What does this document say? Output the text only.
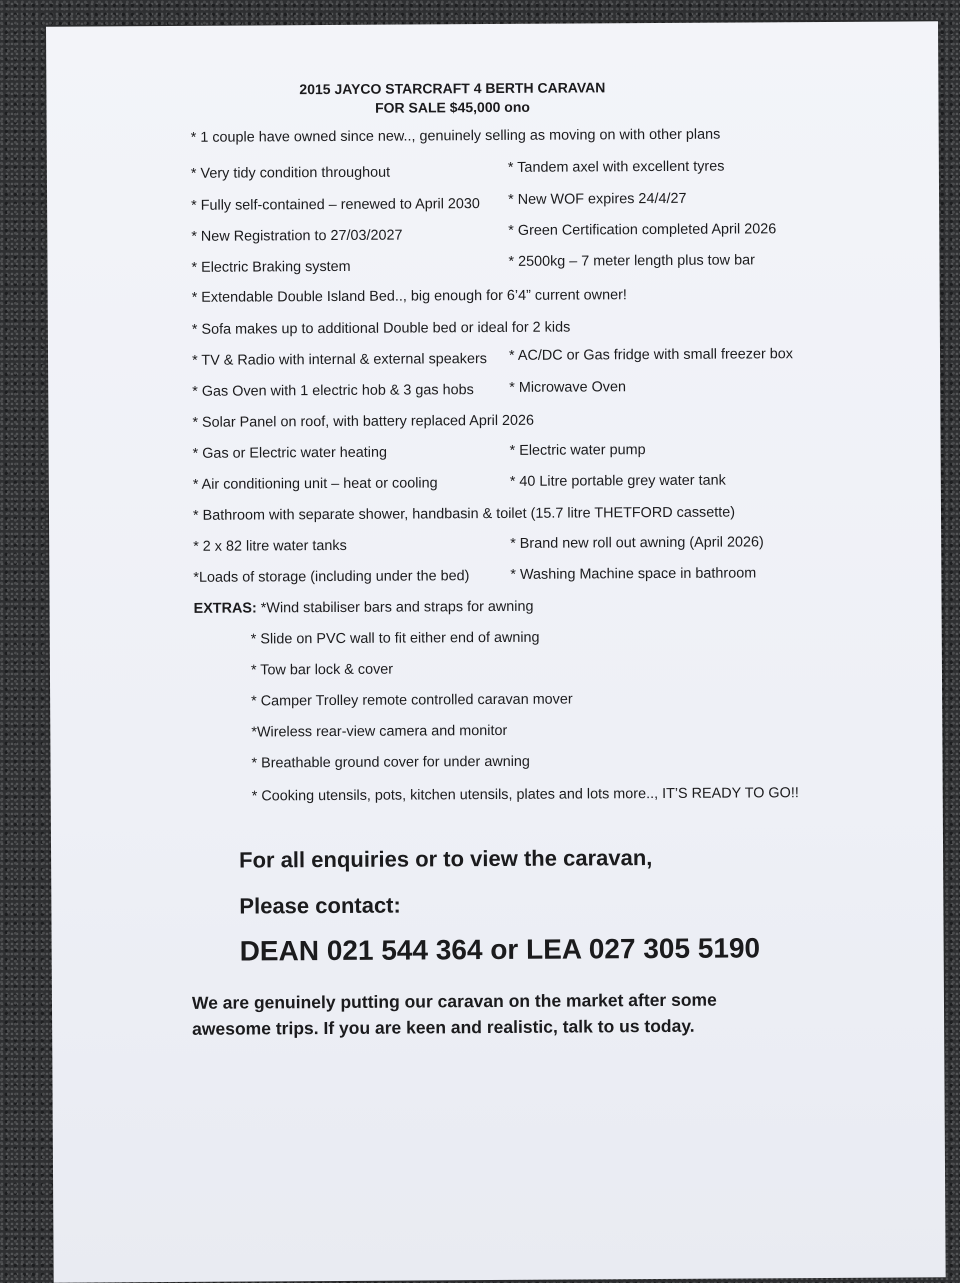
2015 JAYCO STARCRAFT 4 BERTH CARAVAN
FOR SALE $45,000 ono
* 1 couple have owned since new.., genuinely selling as moving on with other plans
* Very tidy condition throughout	* Tandem axel with excellent tyres
* Fully self-contained – renewed to April 2030 * New WOF expires 24/4/27
* New Registration to 27/03/2027	* Green Certification completed April 2026
* Electric Braking system	* 2500kg – 7 meter length plus tow bar
* Extendable Double Island Bed.., big enough for 6’4” current owner!
* Sofa makes up to additional Double bed or ideal for 2 kids
* TV & Radio with internal & external speakers * AC/DC or Gas fridge with small freezer box
* Gas Oven with 1 electric hob & 3 gas hobs * Microwave Oven
* Solar Panel on roof, with battery replaced April 2026
* Gas or Electric water heating	* Electric water pump
* Air conditioning unit – heat or cooling	* 40 Litre portable grey water tank
* Bathroom with separate shower, handbasin & toilet (15.7 litre THETFORD cassette)
* 2 x 82 litre water tanks	* Brand new roll out awning (April 2026)
*Loads of storage (including under the bed)	* Washing Machine space in bathroom
EXTRAS: *Wind stabiliser bars and straps for awning
* Slide on PVC wall to fit either end of awning
* Tow bar lock & cover
* Camper Trolley remote controlled caravan mover
*Wireless rear-view camera and monitor
* Breathable ground cover for under awning
* Cooking utensils, pots, kitchen utensils, plates and lots more.., IT’S READY TO GO!!
For all enquiries or to view the caravan,
Please contact:
DEAN 021 544 364 or LEA 027 305 5190
We are genuinely putting our caravan on the market after some awesome trips. If you are keen and realistic, talk to us today.
